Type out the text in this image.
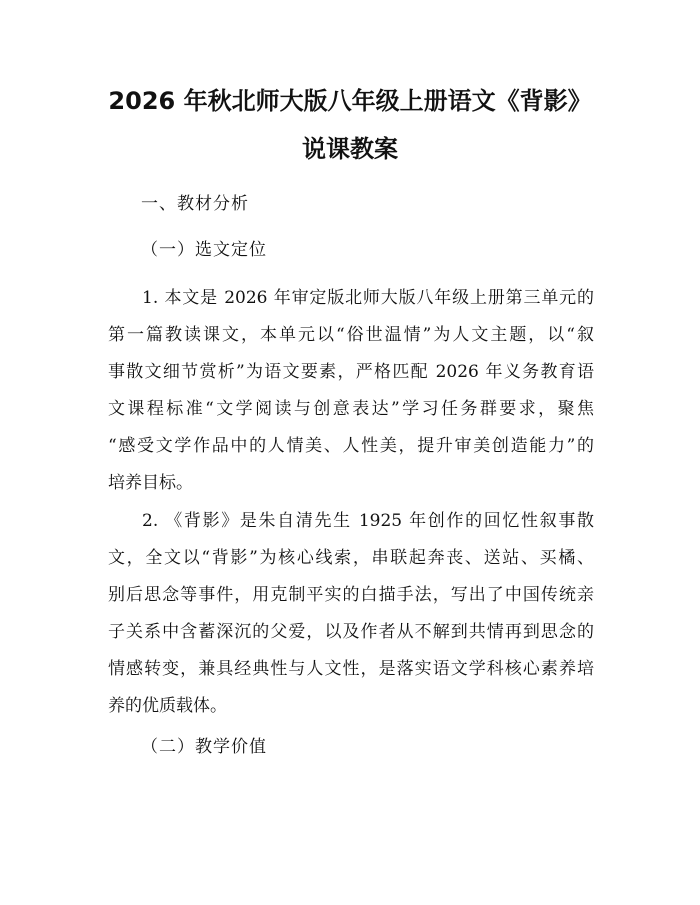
2026 年秋北师大版八年级上册语文《背影》
说课教案

一、教材分析

（一）选文定位

1. 本文是 2026 年审定版北师大版八年级上册第三单元的
第一篇教读课文，本单元以“俗世温情”为人文主题，以“叙
事散文细节赏析”为语文要素，严格匹配 2026 年义务教育语
文课程标准“文学阅读与创意表达”学习任务群要求，聚焦
“感受文学作品中的人情美、人性美，提升审美创造能力”的
培养目标。
2. 《背影》是朱自清先生 1925 年创作的回忆性叙事散
文，全文以“背影”为核心线索，串联起奔丧、送站、买橘、
别后思念等事件，用克制平实的白描手法，写出了中国传统亲
子关系中含蓄深沉的父爱，以及作者从不解到共情再到思念的
情感转变，兼具经典性与人文性，是落实语文学科核心素养培
养的优质载体。

（二）教学价值
